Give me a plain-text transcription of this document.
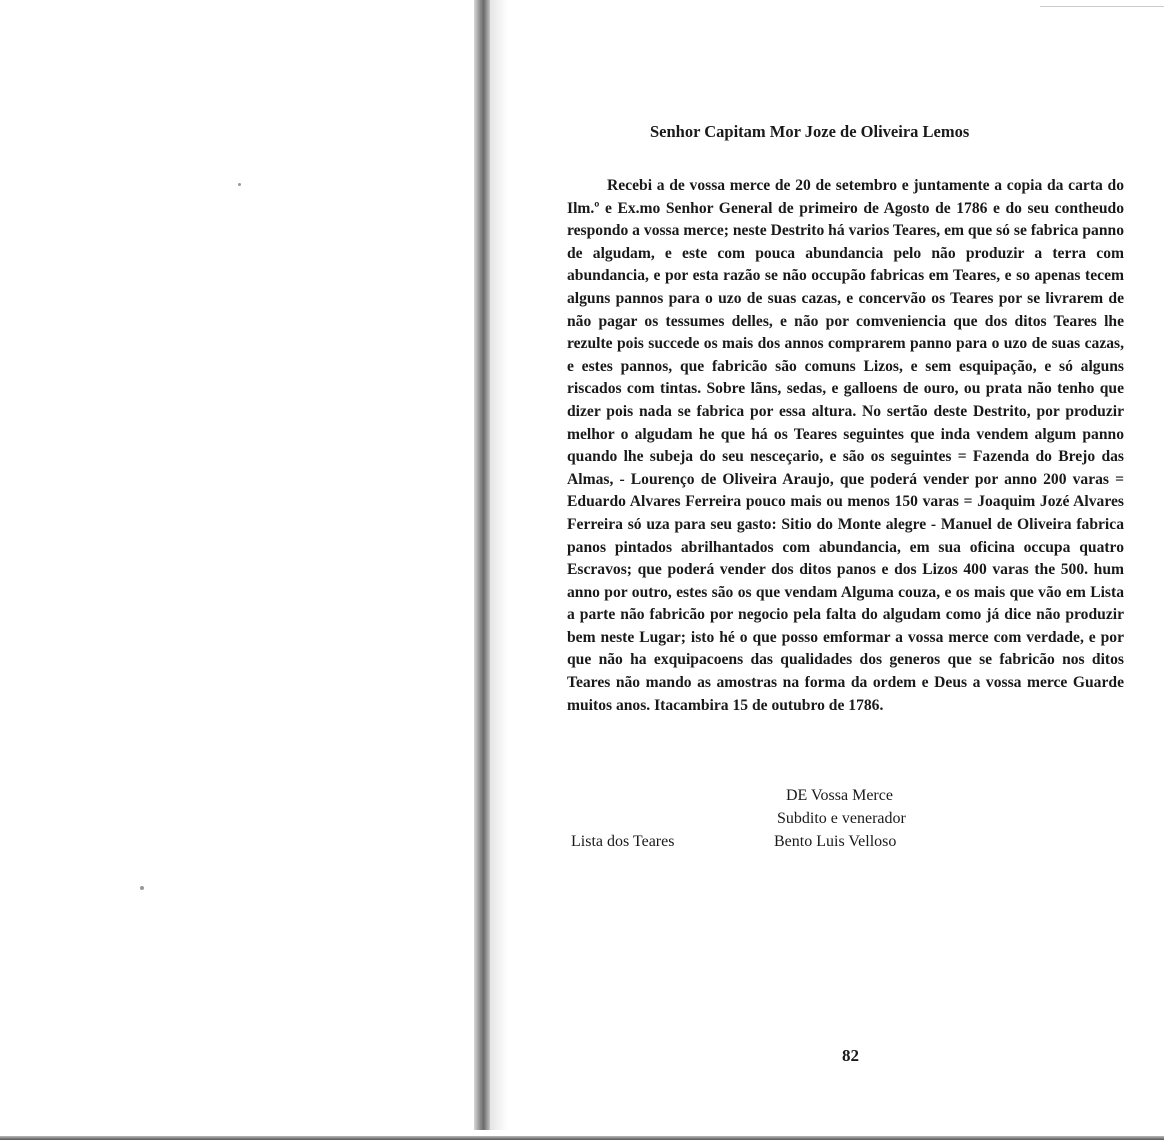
Senhor Capitam Mor Joze de Oliveira Lemos

Recebi a de vossa merce de 20 de setembro e juntamente a copia da carta do Ilm.º e Ex.mo Senhor General de primeiro de Agosto de 1786 e do seu contheudo respondo a vossa merce; neste Destrito há varios Teares, em que só se fabrica panno de algudam, e este com pouca abundancia pelo não produzir a terra com abundancia, e por esta razão se não occupão fabricas em Teares, e so apenas tecem alguns pannos para o uzo de suas cazas, e concervão os Teares por se livrarem de não pagar os tessumes delles, e não por comveniencia que dos ditos Teares lhe rezulte pois succede os mais dos annos comprarem panno para o uzo de suas cazas, e estes pannos, que fabricão são comuns Lizos, e sem esquipação, e só alguns riscados com tintas. Sobre lãns, sedas, e galloens de ouro, ou prata não tenho que dizer pois nada se fabrica por essa altura. No sertão deste Destrito, por produzir melhor o algudam he que há os Teares seguintes que inda vendem algum panno quando lhe subeja do seu nesceçario, e são os seguintes = Fazenda do Brejo das Almas, - Lourenço de Oliveira Araujo, que poderá vender por anno 200 varas = Eduardo Alvares Ferreira pouco mais ou menos 150 varas = Joaquim Jozé Alvares Ferreira só uza para seu gasto: Sitio do Monte alegre - Manuel de Oliveira fabrica panos pintados abrilhantados com abundancia, em sua oficina occupa quatro Escravos; que poderá vender dos ditos panos e dos Lizos 400 varas the 500. hum anno por outro, estes são os que vendam Alguma couza, e os mais que vão em Lista a parte não fabricão por negocio pela falta do algudam como já dice não produzir bem neste Lugar; isto hé o que posso emformar a vossa merce com verdade, e por que não ha exquipacoens das qualidades dos generos que se fabricão nos ditos Teares não mando as amostras na forma da ordem e Deus a vossa merce Guarde muitos anos. Itacambira 15 de outubro de 1786.

DE Vossa Merce
Subdito e venerador
Bento Luis Velloso
Lista dos Teares
82
